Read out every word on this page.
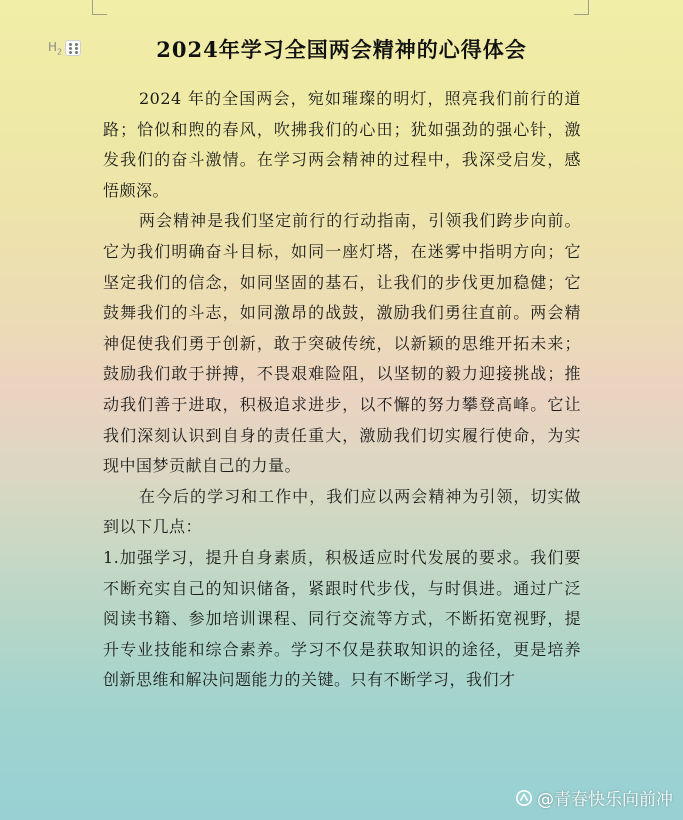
$H_2$	2024年学习全国两会精神的心得体会

2024 年的全国两会，宛如璀璨的明灯，照亮我们前行的道路；恰似和煦的春风，吹拂我们的心田；犹如强劲的强心针，激发我们的奋斗激情。在学习两会精神的过程中，我深受启发，感悟颇深。

两会精神是我们坚定前行的行动指南，引领我们跨步向前。它为我们明确奋斗目标，如同一座灯塔，在迷雾中指明方向；它坚定我们的信念，如同坚固的基石，让我们的步伐更加稳健；它鼓舞我们的斗志，如同激昂的战鼓，激励我们勇往直前。两会精神促使我们勇于创新，敢于突破传统，以新颖的思维开拓未来；鼓励我们敢于拼搏，不畏艰难险阻，以坚韧的毅力迎接挑战；推动我们善于进取，积极追求进步，以不懈的努力攀登高峰。它让我们深刻认识到自身的责任重大，激励我们切实履行使命，为实现中国梦贡献自己的力量。

在今后的学习和工作中，我们应以两会精神为引领，切实做到以下几点：

1.加强学习，提升自身素质，积极适应时代发展的要求。我们要不断充实自己的知识储备，紧跟时代步伐，与时俱进。通过广泛阅读书籍、参加培训课程、同行交流等方式，不断拓宽视野，提升专业技能和综合素养。学习不仅是获取知识的途径，更是培养创新思维和解决问题能力的关键。只有不断学习，我们才

@青春快乐向前冲
